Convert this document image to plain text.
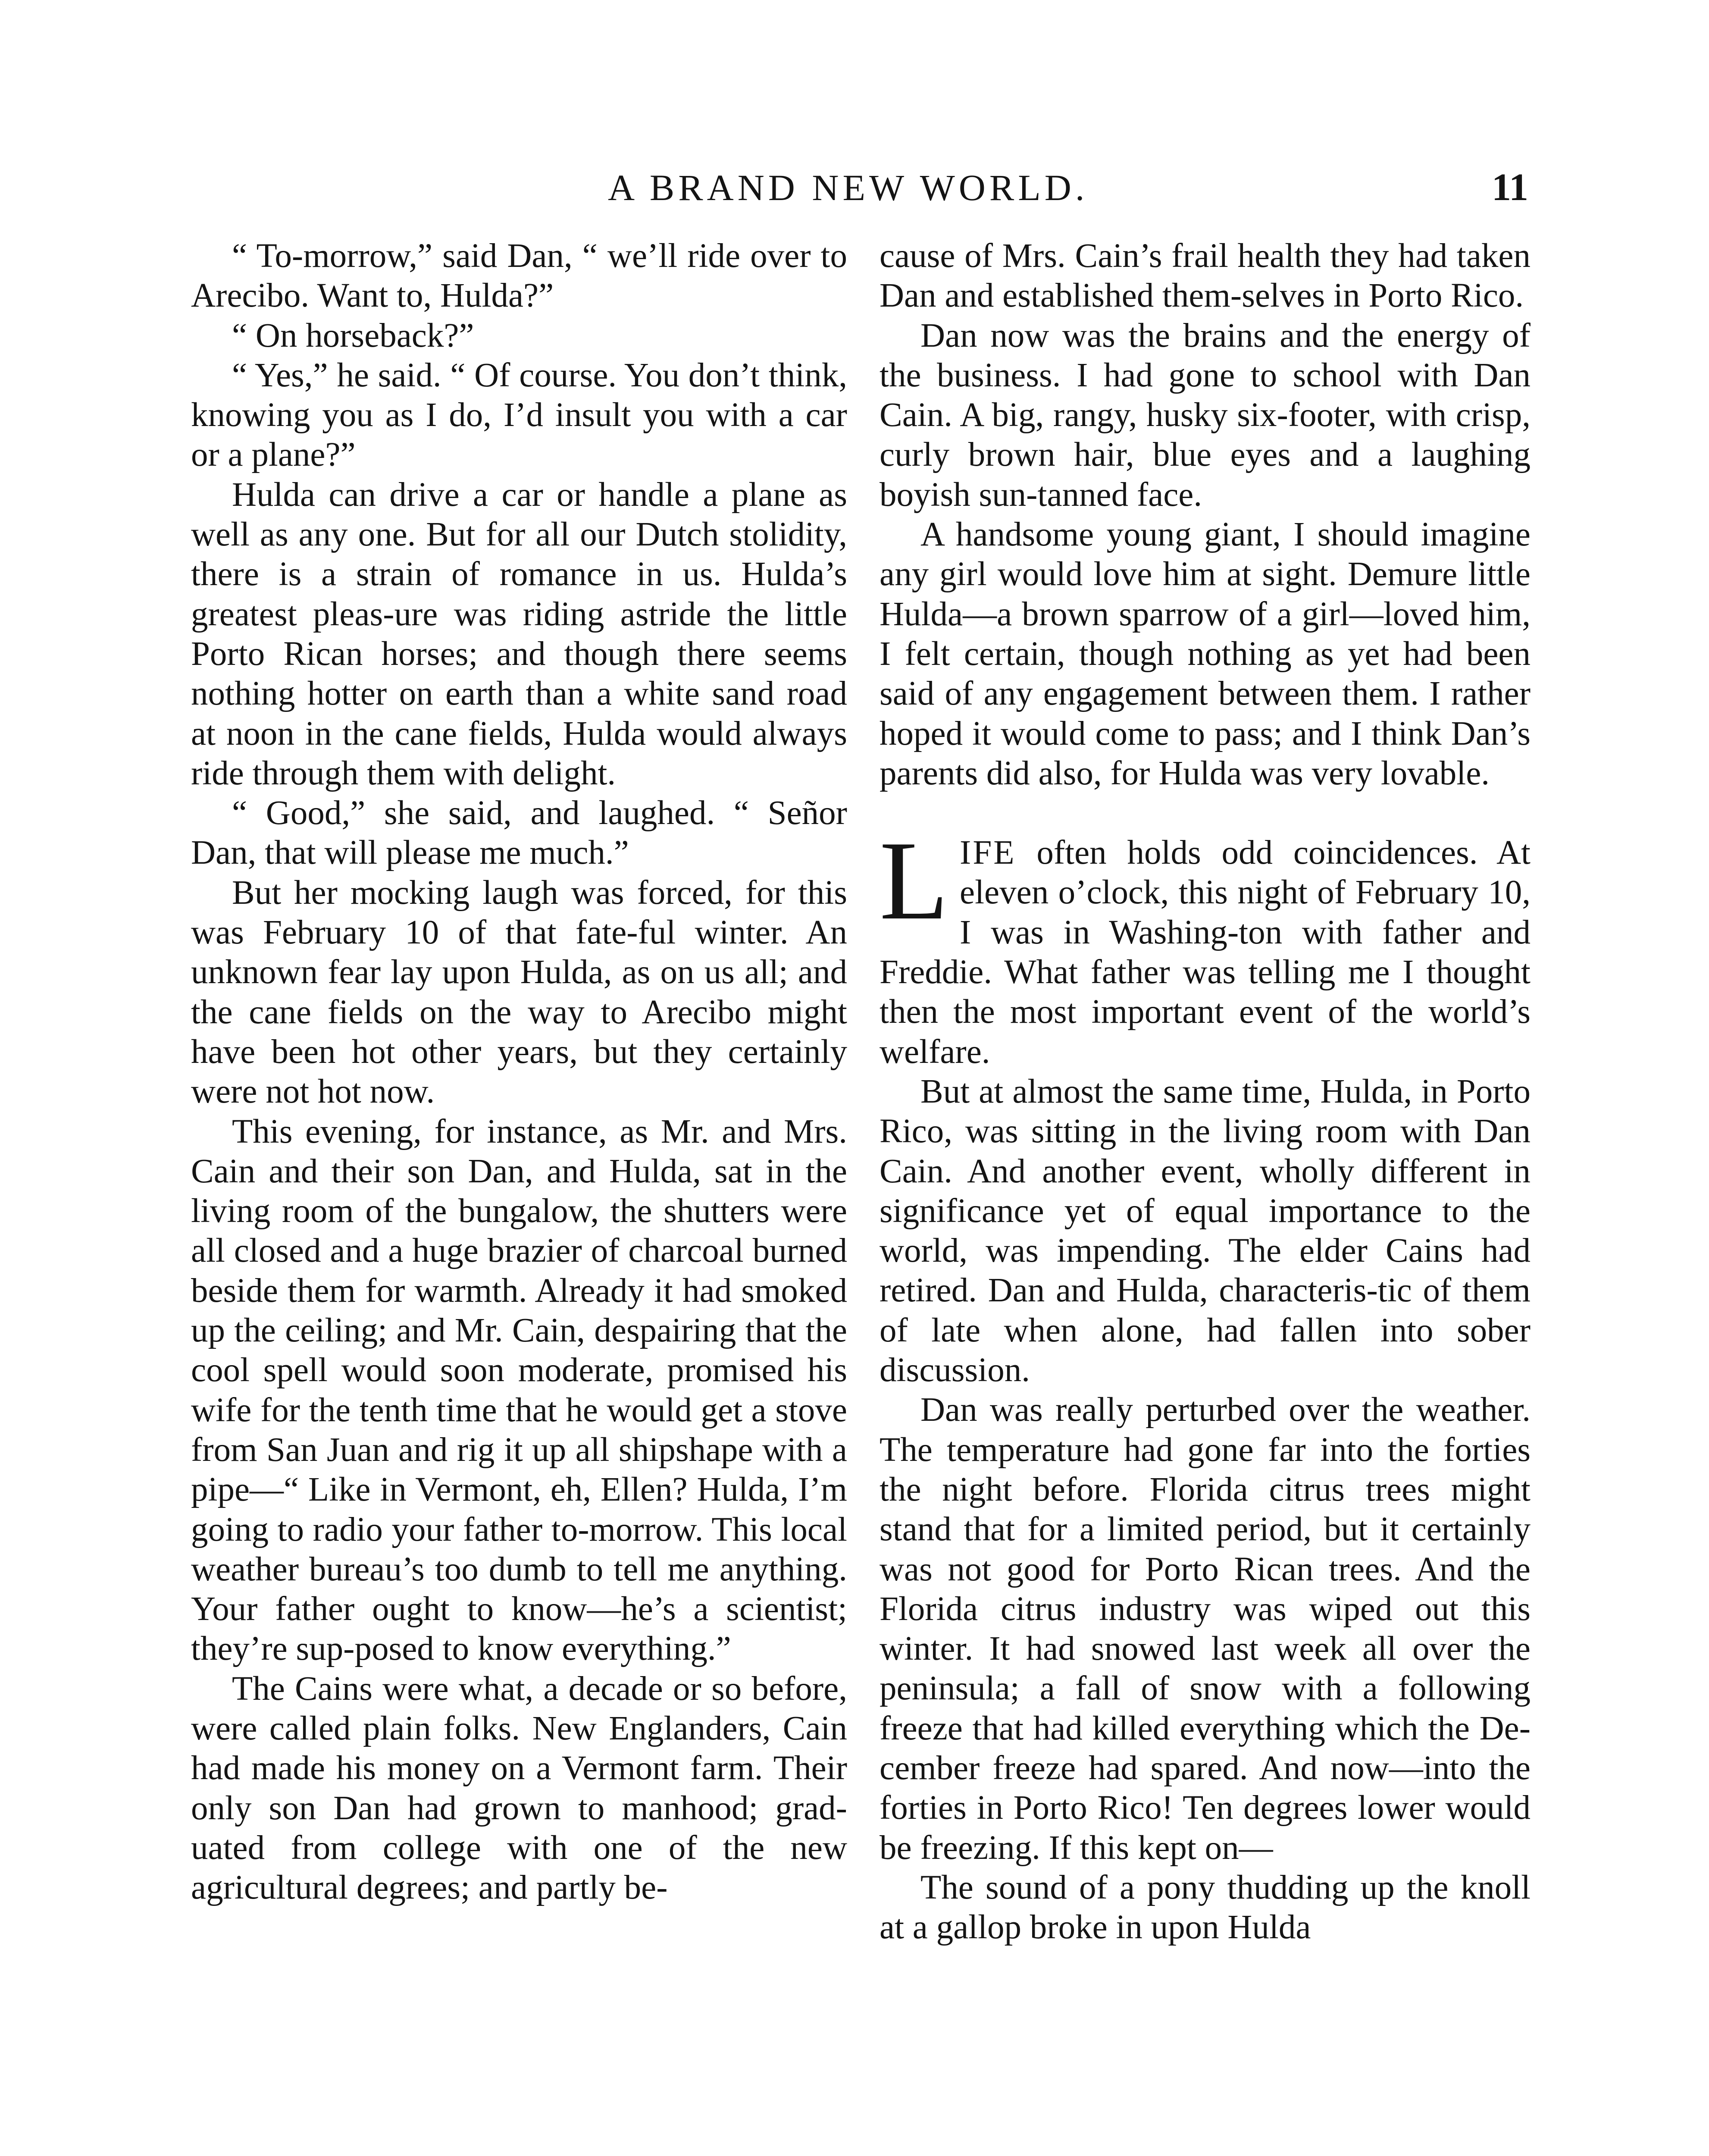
A BRAND NEW WORLD.	11

“ To-morrow,” said Dan, “ we’ll ride over to Arecibo. Want to, Hulda?”

“ On horseback?”

“ Yes,” he said. “ Of course. You don’t think, knowing you as I do, I’d insult you with a car or a plane?”

Hulda can drive a car or handle a plane as well as any one. But for all our Dutch stolidity, there is a strain of romance in us. Hulda’s greatest pleas-ure was riding astride the little Porto Rican horses; and though there seems nothing hotter on earth than a white sand road at noon in the cane fields, Hulda would always ride through them with delight.

“ Good,” she said, and laughed. “ Señor Dan, that will please me much.”

But her mocking laugh was forced, for this was February 10 of that fate-ful winter. An unknown fear lay upon Hulda, as on us all; and the cane fields on the way to Arecibo might have been hot other years, but they certainly were not hot now.

This evening, for instance, as Mr. and Mrs. Cain and their son Dan, and Hulda, sat in the living room of the bungalow, the shutters were all closed and a huge brazier of charcoal burned beside them for warmth. Already it had smoked up the ceiling; and Mr. Cain, despairing that the cool spell would soon moderate, promised his wife for the tenth time that he would get a stove from San Juan and rig it up all shipshape with a pipe—“ Like in Vermont, eh, Ellen? Hulda, I’m going to radio your father to-morrow. This local weather bureau’s too dumb to tell me anything. Your father ought to know—he’s a scientist; they’re sup-posed to know everything.”

The Cains were what, a decade or so before, were called plain folks. New Englanders, Cain had made his money on a Vermont farm. Their only son Dan had grown to manhood; grad-uated from college with one of the new agricultural degrees; and partly be-

cause of Mrs. Cain’s frail health they had taken Dan and established them-selves in Porto Rico.

Dan now was the brains and the energy of the business. I had gone to school with Dan Cain. A big, rangy, husky six-footer, with crisp, curly brown hair, blue eyes and a laughing boyish sun-tanned face.

A handsome young giant, I should imagine any girl would love him at sight. Demure little Hulda—a brown sparrow of a girl—loved him, I felt certain, though nothing as yet had been said of any engagement between them. I rather hoped it would come to pass; and I think Dan’s parents did also, for Hulda was very lovable.

LIFE often holds odd coincidences. At eleven o’clock, this night of February 10, I was in Washing-ton with father and Freddie. What father was telling me I thought then the most important event of the world’s welfare.

But at almost the same time, Hulda, in Porto Rico, was sitting in the living room with Dan Cain. And another event, wholly different in significance yet of equal importance to the world, was impending. The elder Cains had retired. Dan and Hulda, characteris-tic of them of late when alone, had fallen into sober discussion.

Dan was really perturbed over the weather. The temperature had gone far into the forties the night before. Florida citrus trees might stand that for a limited period, but it certainly was not good for Porto Rican trees. And the Florida citrus industry was wiped out this winter. It had snowed last week all over the peninsula; a fall of snow with a following freeze that had killed everything which the De-cember freeze had spared. And now—into the forties in Porto Rico! Ten degrees lower would be freezing. If this kept on—

The sound of a pony thudding up the knoll at a gallop broke in upon Hulda
